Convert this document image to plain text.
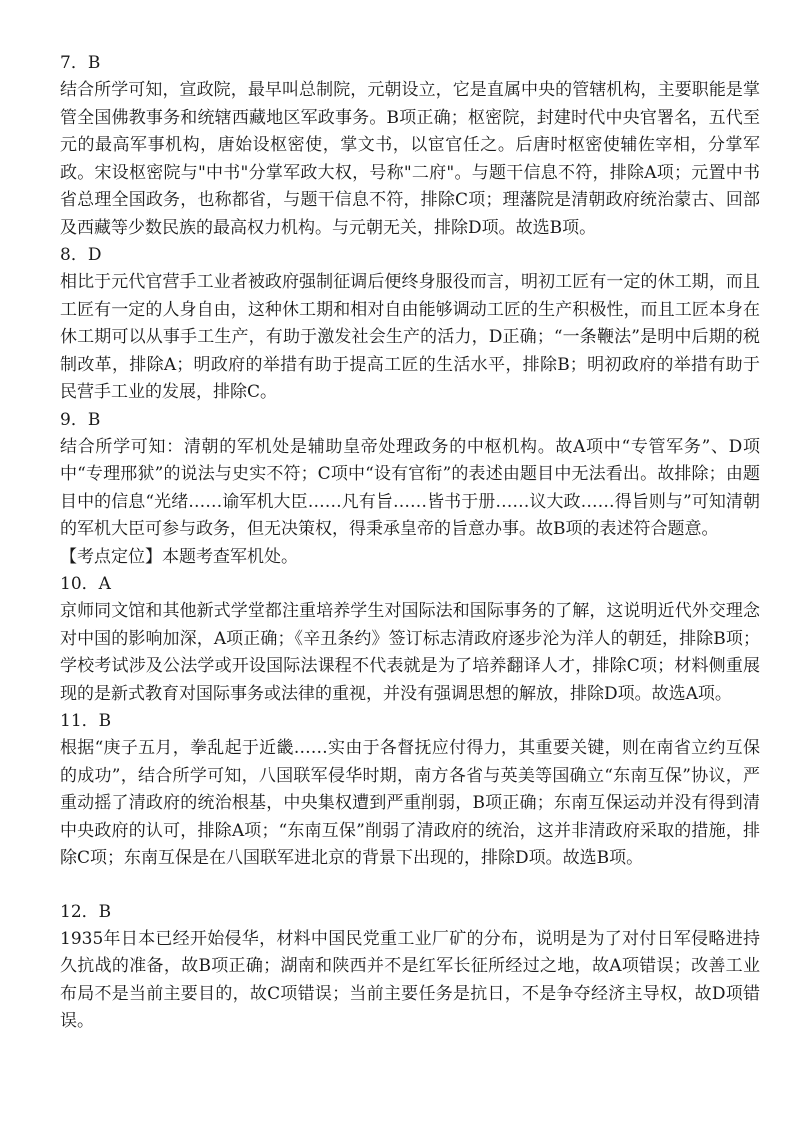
7．B

结合所学可知，宣政院，最早叫总制院，元朝设立，它是直属中央的管辖机构，主要职能是掌管全国佛教事务和统辖西藏地区军政事务。B项正确；枢密院，封建时代中央官署名，五代至元的最高军事机构，唐始设枢密使，掌文书，以宦官任之。后唐时枢密使辅佐宰相，分掌军政。宋设枢密院与"中书"分掌军政大权，号称"二府"。与题干信息不符，排除A项；元置中书省总理全国政务，也称都省，与题干信息不符，排除C项；理藩院是清朝政府统治蒙古、回部及西藏等少数民族的最高权力机构。与元朝无关，排除D项。故选B项。

8．D

相比于元代官营手工业者被政府强制征调后便终身服役而言，明初工匠有一定的休工期，而且工匠有一定的人身自由，这种休工期和相对自由能够调动工匠的生产积极性，而且工匠本身在休工期可以从事手工生产，有助于激发社会生产的活力，D正确；“一条鞭法”是明中后期的税制改革，排除A；明政府的举措有助于提高工匠的生活水平，排除B；明初政府的举措有助于民营手工业的发展，排除C。

9．B

结合所学可知：清朝的军机处是辅助皇帝处理政务的中枢机构。故A项中“专管军务”、D项中“专理邢狱”的说法与史实不符；C项中“设有官衔”的表述由题目中无法看出。故排除；由题目中的信息“光绪……谕军机大臣……凡有旨……皆书于册……议大政……得旨则与”可知清朝的军机大臣可参与政务，但无决策权，得秉承皇帝的旨意办事。故B项的表述符合题意。

【考点定位】本题考查军机处。

10．A

京师同文馆和其他新式学堂都注重培养学生对国际法和国际事务的了解，这说明近代外交理念对中国的影响加深，A项正确；《辛丑条约》签订标志清政府逐步沦为洋人的朝廷，排除B项；学校考试涉及公法学或开设国际法课程不代表就是为了培养翻译人才，排除C项；材料侧重展现的是新式教育对国际事务或法律的重视，并没有强调思想的解放，排除D项。故选A项。

11．B

根据“庚子五月，拳乱起于近畿……实由于各督抚应付得力，其重要关键，则在南省立约互保的成功”，结合所学可知，八国联军侵华时期，南方各省与英美等国确立“东南互保”协议，严重动摇了清政府的统治根基，中央集权遭到严重削弱，B项正确；东南互保运动并没有得到清中央政府的认可，排除A项；“东南互保”削弱了清政府的统治，这并非清政府采取的措施，排除C项；东南互保是在八国联军进北京的背景下出现的，排除D项。故选B项。

12．B

1935年日本已经开始侵华，材料中国民党重工业厂矿的分布，说明是为了对付日军侵略进持久抗战的准备，故B项正确；湖南和陕西并不是红军长征所经过之地，故A项错误；改善工业布局不是当前主要目的，故C项错误；当前主要任务是抗日，不是争夺经济主导权，故D项错误。
